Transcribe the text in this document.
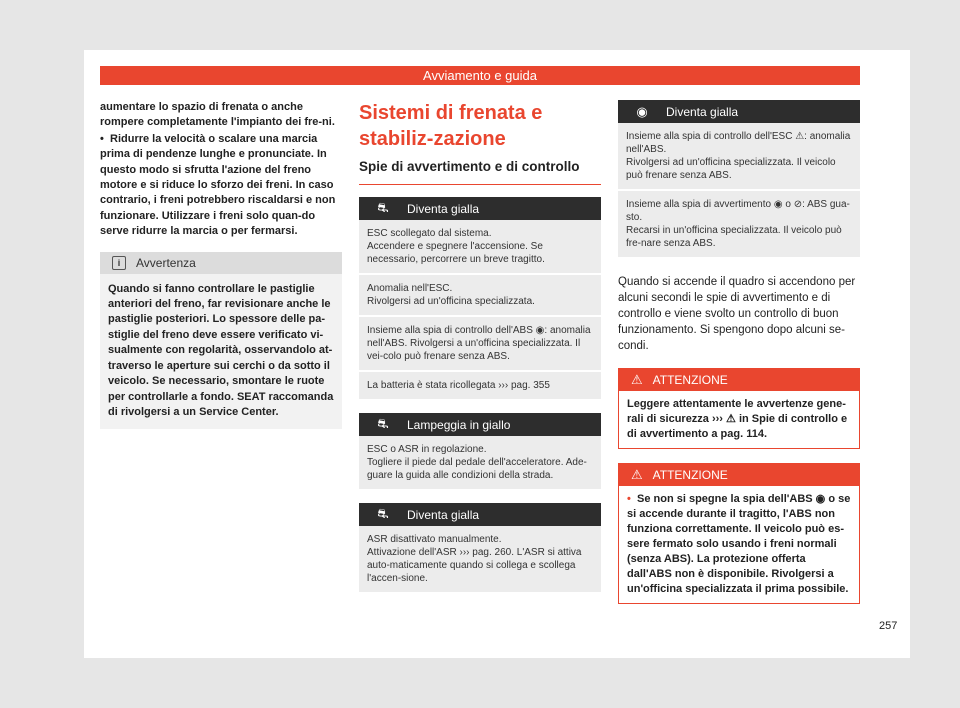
Avviamento e guida

aumentare lo spazio di frenata o anche rompere completamente l'impianto dei fre-ni.

• Ridurre la velocità o scalare una marcia prima di pendenze lunghe e pronunciate. In questo modo si sfrutta l'azione del freno motore e si riduce lo sforzo dei freni. In caso contrario, i freni potrebbero riscaldarsi e non funzionare. Utilizzare i freni solo quan-do serve ridurre la marcia o per fermarsi.

i	Avvertenza
Quando si fanno controllare le pastiglie anteriori del freno, far revisionare anche le pastiglie posteriori. Lo spessore delle pa-stiglie del freno deve essere verificato vi-sualmente con regolarità, osservandolo at-traverso le aperture sui cerchi o da sotto il veicolo. Se necessario, smontare le ruote per controllarle a fondo. SEAT raccomanda di rivolgersi a un Service Center.
Sistemi di frenata e stabiliz-zazione
Spie di avvertimento e di controllo
⛐	Diventa gialla
ESC scollegato dal sistema.
Accendere e spegnere l'accensione. Se necessario, percorrere un breve tragitto.
Anomalia nell'ESC.
Rivolgersi ad un'officina specializzata.
Insieme alla spia di controllo dell'ABS ◉: anomalia nell'ABS. Rivolgersi a un'officina specializzata. Il vei-colo può frenare senza ABS.
La batteria è stata ricollegata ››› pag. 355
⛐	Lampeggia in giallo
ESC o ASR in regolazione.
Togliere il piede dal pedale dell'acceleratore. Ade-guare la guida alle condizioni della strada.
⛐	Diventa gialla
ASR disattivato manualmente.
Attivazione dell'ASR ››› pag. 260. L'ASR si attiva auto-maticamente quando si collega e scollega l'accen-sione.
◉	Diventa gialla
Insieme alla spia di controllo dell'ESC ⚠: anomalia nell'ABS.
Rivolgersi ad un'officina specializzata. Il veicolo può frenare senza ABS.
Insieme alla spia di avvertimento ◉ o ⊘: ABS gua-sto.
Recarsi in un'officina specializzata. Il veicolo può fre-nare senza ABS.

Quando si accende il quadro si accendono per alcuni secondi le spie di avvertimento e di controllo e viene svolto un controllo di buon funzionamento. Si spengono dopo alcuni se-condi.

⚠ ATTENZIONE
Leggere attentamente le avvertenze gene-rali di sicurezza ››› ⚠ in Spie di controllo e di avvertimento a pag. 114.
⚠ ATTENZIONE
• Se non si spegne la spia dell'ABS ◉ o se si accende durante il tragitto, l'ABS non funziona correttamente. Il veicolo può es-sere fermato solo usando i freni normali (senza ABS). La protezione offerta dall'ABS non è disponibile. Rivolgersi a un'officina specializzata il prima possibile.
257
